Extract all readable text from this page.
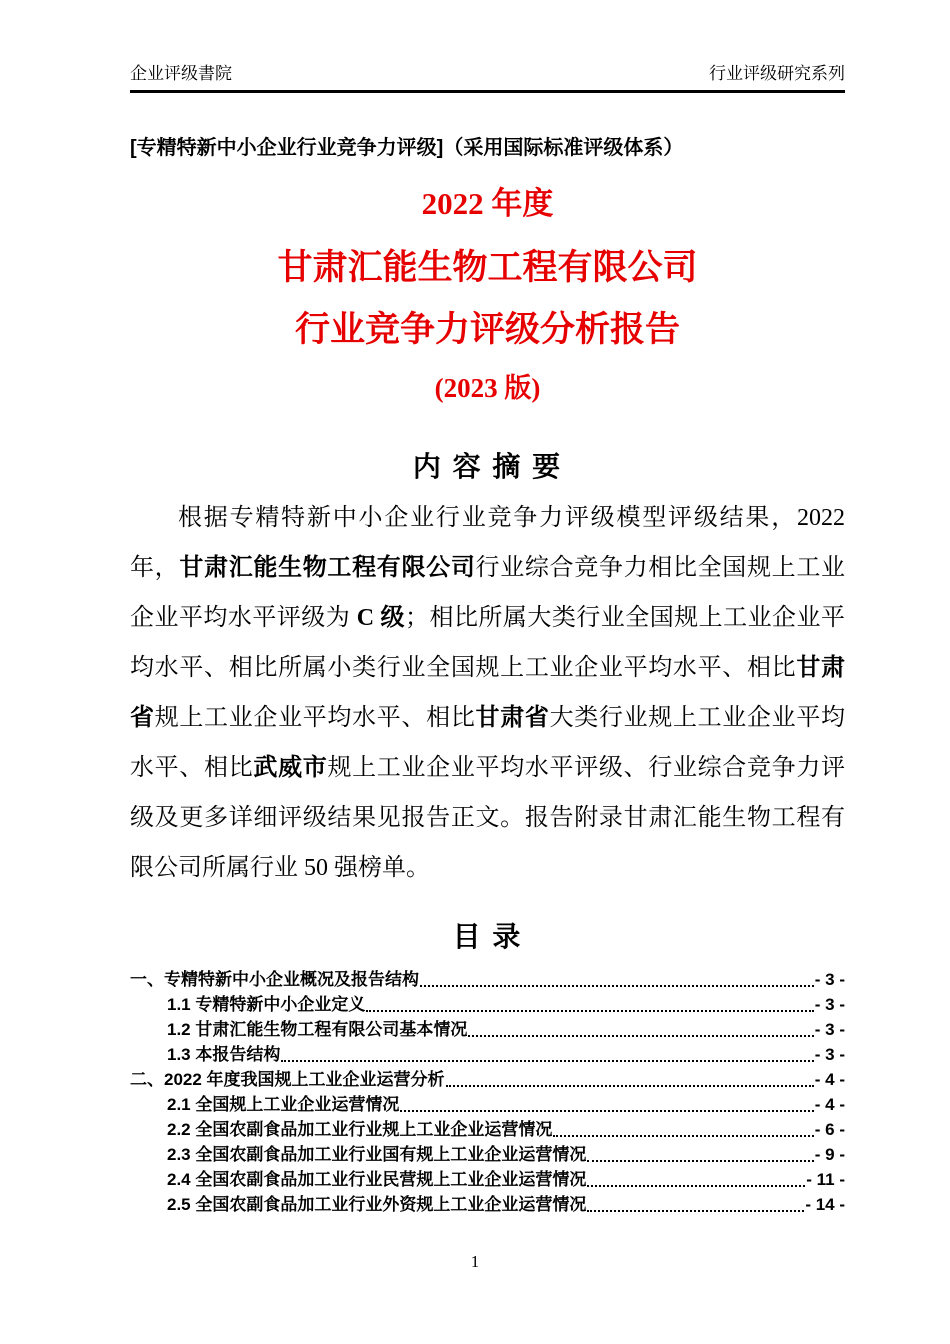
企业评级書院	行业评级研究系列
[专精特新中小企业行业竞争力评级]（采用国际标准评级体系）
2022 年度
甘肃汇能生物工程有限公司
行业竞争力评级分析报告
(2023 版)
内 容 摘 要

根据专精特新中小企业行业竞争力评级模型评级结果，2022 年，甘肃汇能生物工程有限公司行业综合竞争力相比全国规上工业企业平均水平评级为 C 级；相比所属大类行业全国规上工业企业平均水平、相比所属小类行业全国规上工业企业平均水平、相比甘肃省规上工业企业平均水平、相比甘肃省大类行业规上工业企业平均水平、相比武威市规上工业企业平均水平评级、行业综合竞争力评级及更多详细评级结果见报告正文。报告附录甘肃汇能生物工程有限公司所属行业 50 强榜单。

目 录
一、专精特新中小企业概况及报告结构	- 3 -
1.1 专精特新中小企业定义	- 3 -
1.2 甘肃汇能生物工程有限公司基本情况	- 3 -
1.3 本报告结构	- 3 -
二、2022 年度我国规上工业企业运营分析	- 4 -
2.1 全国规上工业企业运营情况	- 4 -
2.2 全国农副食品加工业行业规上工业企业运营情况	- 6 -
2.3 全国农副食品加工业行业国有规上工业企业运营情况	- 9 -
2.4 全国农副食品加工业行业民营规上工业企业运营情况	- 11 -
2.5 全国农副食品加工业行业外资规上工业企业运营情况	- 14 -
1
